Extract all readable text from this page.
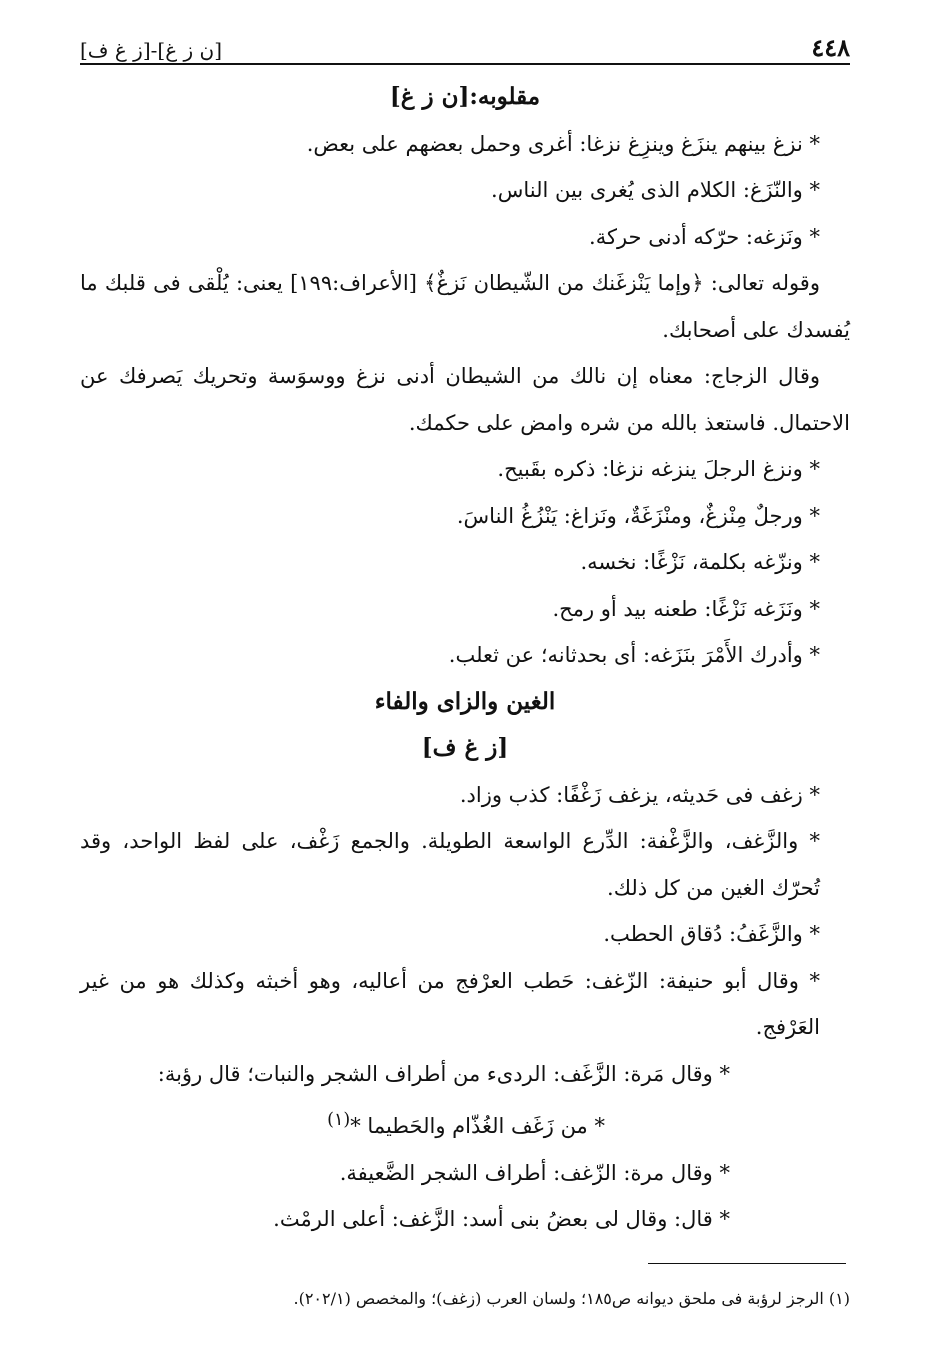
٤٤٨
[ن ز غ]-[ز غ ف]

مقلوبه:[ن ز غ]

* نزغ بينهم ينزَغ وينزِغ نزغا: أغرى وحمل بعضهم على بعض.

* والنّزَغ: الكلام الذى يُغرى بين الناس.

* ونَزغه: حرّكه أدنى حركة.

وقوله تعالى: ﴿وإما يَنْزغَنك من الشّيطان نَزغٌ﴾ [الأعراف:١٩٩] يعنى: يُلْقى فى قلبك ما يُفسدك على أصحابك.

وقال الزجاج: معناه إن نالك من الشيطان أدنى نزغ ووسوَسة وتحريك يَصرفك عن الاحتمال. فاستعذ بالله من شره وامض على حكمك.

* ونزغ الرجلَ ينزغه نزغا: ذكره بقَبيح.

* ورجلٌ مِنْزغٌ، ومنْزَغَةٌ، ونَزاغ: يَنْزُغُ الناسَ.

* ونزّغه بكلمة، نَزْغًا: نخسه.

* ونَزَغه نَزْغًا: طعنه بيد أو رمح.

* وأدرك الأَمْرَ بنَزَغه: أى بحدثانه؛ عن ثعلب.

الغين والزاى والفاء

[ز غ ف]

* زغف فى حَديثه، يزغف زَغْفًا: كذب وزاد.

* والزَّغف، والزَّغْفة: الدِّرع الواسعة الطويلة. والجمع زَغْف، على لفظ الواحد، وقد تُحرّك الغين من كل ذلك.

* والزَّغَفُ: دُقاق الحطب.

* وقال أبو حنيفة: الزّغف: حَطب العرْفج من أعاليه، وهو أخبثه وكذلك هو من غير العَرْفج.

* وقال مَرة: الزَّغَف: الردىء من أطراف الشجر والنبات؛ قال رؤبة:

* من زَغَف الغُذّام والحَطيما *$^{(١)}$

* وقال مرة: الزّغف: أطراف الشجر الضَّعيفة.

* قال: وقال لى بعضُ بنى أسد: الزَّغف: أعلى الرمْث.

(١) الرجز لرؤبة فى ملحق ديوانه ص١٨٥؛ ولسان العرب (زغف)؛ والمخصص (٢٠٢/١).
